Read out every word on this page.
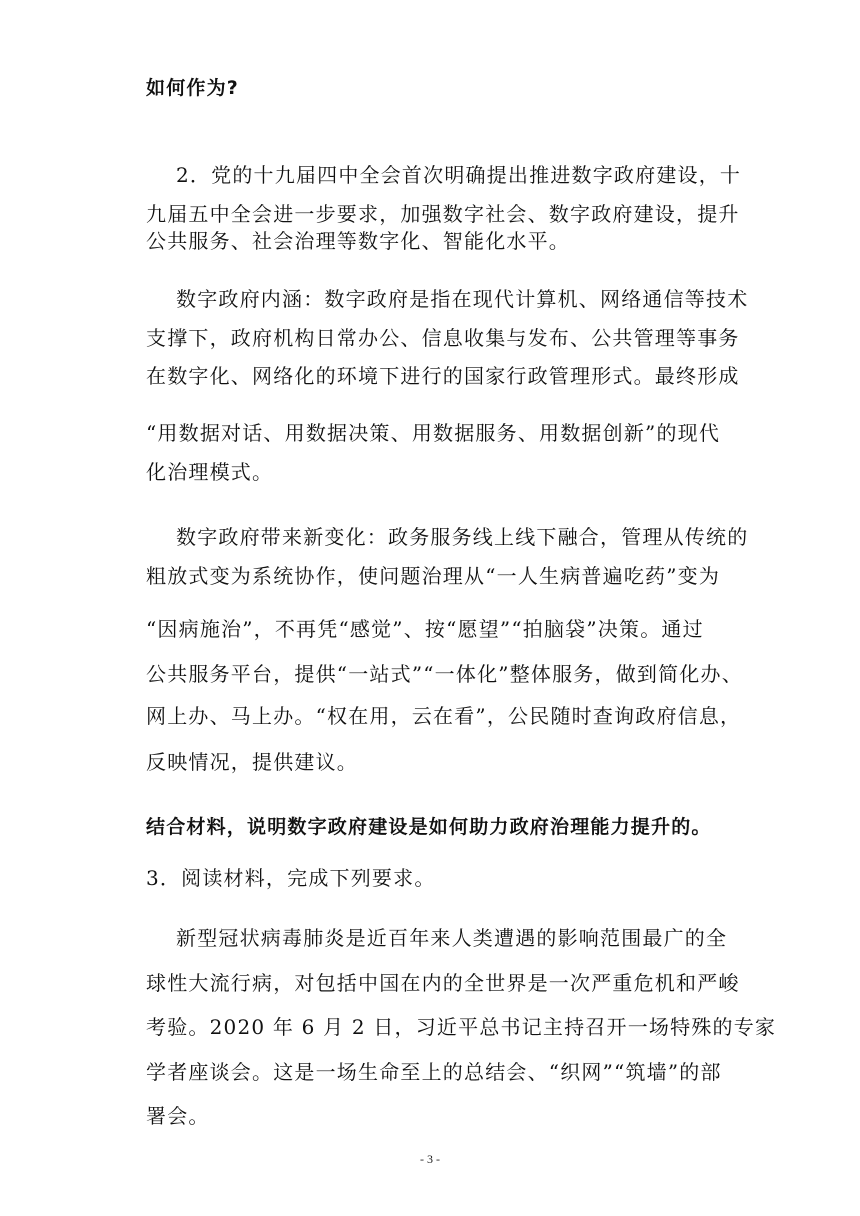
如何作为?
2．党的十九届四中全会首次明确提出推进数字政府建设，十
九届五中全会进一步要求，加强数字社会、数字政府建设，提升
公共服务、社会治理等数字化、智能化水平。
数字政府内涵：数字政府是指在现代计算机、网络通信等技术
支撑下，政府机构日常办公、信息收集与发布、公共管理等事务
在数字化、网络化的环境下进行的国家行政管理形式。最终形成
“用数据对话、用数据决策、用数据服务、用数据创新”的现代
化治理模式。
数字政府带来新变化：政务服务线上线下融合，管理从传统的
粗放式变为系统协作，使问题治理从“一人生病普遍吃药”变为
“因病施治”，不再凭“感觉”、按“愿望”“拍脑袋”决策。通过
公共服务平台，提供“一站式”“一体化”整体服务，做到简化办、
网上办、马上办。“权在用，云在看”，公民随时查询政府信息，
反映情况，提供建议。
结合材料，说明数字政府建设是如何助力政府治理能力提升的。
3．阅读材料，完成下列要求。
新型冠状病毒肺炎是近百年来人类遭遇的影响范围最广的全
球性大流行病，对包括中国在内的全世界是一次严重危机和严峻
考验。2020 年 6 月 2 日，习近平总书记主持召开一场特殊的专家
学者座谈会。这是一场生命至上的总结会、“织网”“筑墙”的部
署会。
- 3 -
